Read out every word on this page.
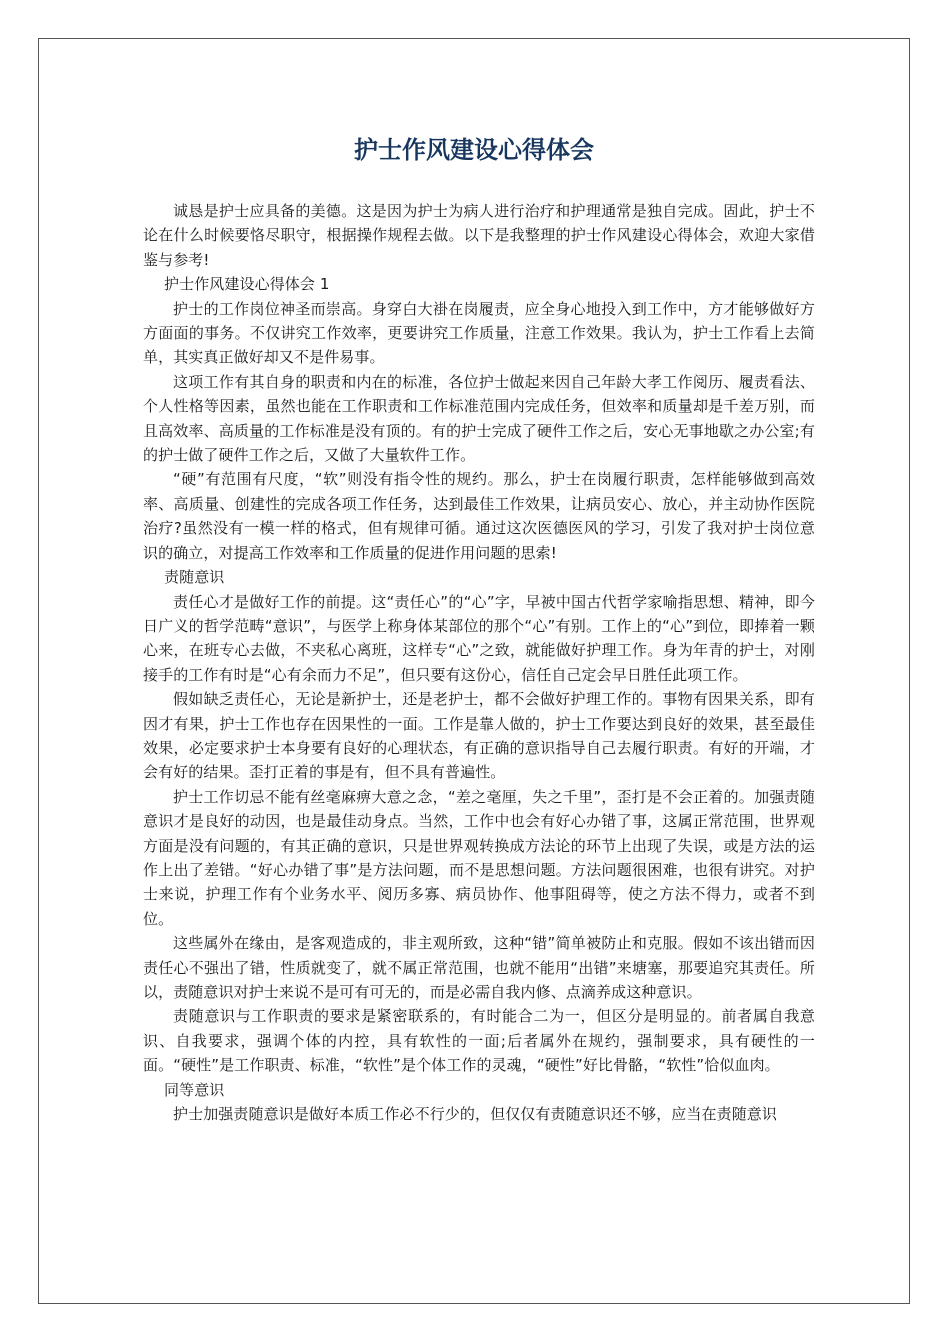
护士作风建设心得体会

诚恳是护士应具备的美德。这是因为护士为病人进行治疗和护理通常是独自完成。固此，护士不论在什么时候要恪尽职守，根据操作规程去做。以下是我整理的护士作风建设心得体会，欢迎大家借鉴与参考!

护士作风建设心得体会 1

护士的工作岗位神圣而崇高。身穿白大褂在岗履责，应全身心地投入到工作中，方才能够做好方方面面的事务。不仅讲究工作效率，更要讲究工作质量，注意工作效果。我认为，护士工作看上去简单，其实真正做好却又不是件易事。

这项工作有其自身的职责和内在的标准，各位护士做起来因自己年龄大孝工作阅历、履责看法、个人性格等因素，虽然也能在工作职责和工作标准范围内完成任务，但效率和质量却是千差万别，而且高效率、高质量的工作标准是没有顶的。有的护士完成了硬件工作之后，安心无事地歇之办公室;有的护士做了硬件工作之后，又做了大量软件工作。

“硬”有范围有尺度，“软”则没有指令性的规约。那么，护士在岗履行职责，怎样能够做到高效率、高质量、创建性的完成各项工作任务，达到最佳工作效果，让病员安心、放心，并主动协作医院治疗?虽然没有一模一样的格式，但有规律可循。通过这次医德医风的学习，引发了我对护士岗位意识的确立，对提高工作效率和工作质量的促进作用问题的思索!

责随意识

责任心才是做好工作的前提。这“责任心”的“心”字，早被中国古代哲学家喻指思想、精神，即今日广义的哲学范畴“意识”，与医学上称身体某部位的那个“心”有别。工作上的“心”到位，即捧着一颗心来，在班专心去做，不夹私心离班，这样专“心”之致，就能做好护理工作。身为年青的护士，对刚接手的工作有时是“心有余而力不足”，但只要有这份心，信任自己定会早日胜任此项工作。

假如缺乏责任心，无论是新护士，还是老护士，都不会做好护理工作的。事物有因果关系，即有因才有果，护士工作也存在因果性的一面。工作是靠人做的，护士工作要达到良好的效果，甚至最佳效果，必定要求护士本身要有良好的心理状态，有正确的意识指导自己去履行职责。有好的开端，才会有好的结果。歪打正着的事是有，但不具有普遍性。

护士工作切忌不能有丝毫麻痹大意之念，“差之毫厘，失之千里”，歪打是不会正着的。加强责随意识才是良好的动因，也是最佳动身点。当然，工作中也会有好心办错了事，这属正常范围，世界观方面是没有问题的，有其正确的意识，只是世界观转换成方法论的环节上出现了失误，或是方法的运作上出了差错。“好心办错了事”是方法问题，而不是思想问题。方法问题很困难，也很有讲究。对护士来说，护理工作有个业务水平、阅历多寡、病员协作、他事阻碍等，使之方法不得力，或者不到位。

这些属外在缘由，是客观造成的，非主观所致，这种“错”简单被防止和克服。假如不该出错而因责任心不强出了错，性质就变了，就不属正常范围，也就不能用“出错”来塘塞，那要追究其责任。所以，责随意识对护士来说不是可有可无的，而是必需自我内修、点滴养成这种意识。

责随意识与工作职责的要求是紧密联系的，有时能合二为一，但区分是明显的。前者属自我意识、自我要求，强调个体的内控，具有软性的一面;后者属外在规约，强制要求，具有硬性的一面。“硬性”是工作职责、标准，“软性”是个体工作的灵魂，“硬性”好比骨骼，“软性”恰似血肉。

同等意识

护士加强责随意识是做好本质工作必不行少的，但仅仅有责随意识还不够，应当在责随意识
